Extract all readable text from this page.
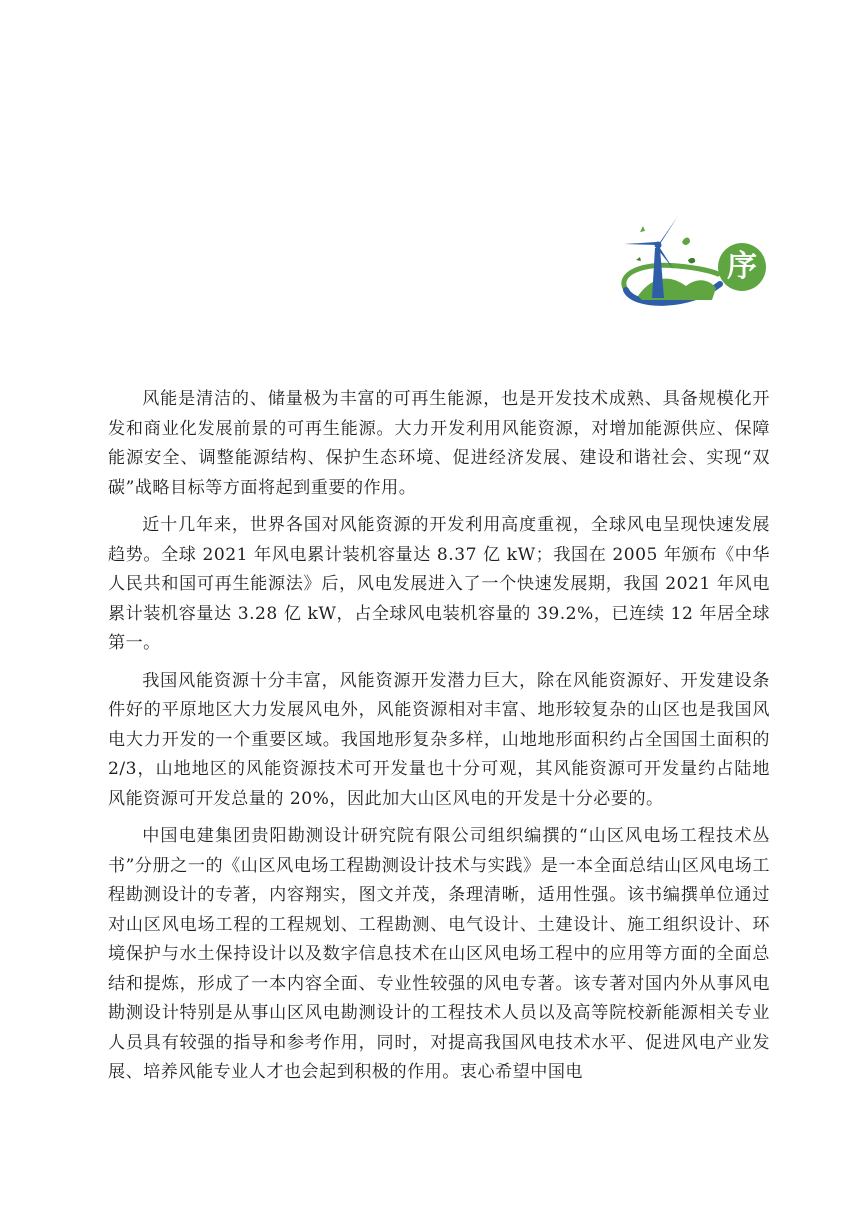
序

风能是清洁的、储量极为丰富的可再生能源，也是开发技术成熟、具备规模化开发和商业化发展前景的可再生能源。大力开发利用风能资源，对增加能源供应、保障能源安全、调整能源结构、保护生态环境、促进经济发展、建设和谐社会、实现“双碳”战略目标等方面将起到重要的作用。

近十几年来，世界各国对风能资源的开发利用高度重视，全球风电呈现快速发展趋势。全球 2021 年风电累计装机容量达 8.37 亿 kW；我国在 2005 年颁布《中华人民共和国可再生能源法》后，风电发展进入了一个快速发展期，我国 2021 年风电累计装机容量达 3.28 亿 kW，占全球风电装机容量的 39.2%，已连续 12 年居全球第一。

我国风能资源十分丰富，风能资源开发潜力巨大，除在风能资源好、开发建设条件好的平原地区大力发展风电外，风能资源相对丰富、地形较复杂的山区也是我国风电大力开发的一个重要区域。我国地形复杂多样，山地地形面积约占全国国土面积的 2/3，山地地区的风能资源技术可开发量也十分可观，其风能资源可开发量约占陆地风能资源可开发总量的 20%，因此加大山区风电的开发是十分必要的。

中国电建集团贵阳勘测设计研究院有限公司组织编撰的“山区风电场工程技术丛书”分册之一的《山区风电场工程勘测设计技术与实践》是一本全面总结山区风电场工程勘测设计的专著，内容翔实，图文并茂，条理清晰，适用性强。该书编撰单位通过对山区风电场工程的工程规划、工程勘测、电气设计、土建设计、施工组织设计、环境保护与水土保持设计以及数字信息技术在山区风电场工程中的应用等方面的全面总结和提炼，形成了一本内容全面、专业性较强的风电专著。该专著对国内外从事风电勘测设计特别是从事山区风电勘测设计的工程技术人员以及高等院校新能源相关专业人员具有较强的指导和参考作用，同时，对提高我国风电技术水平、促进风电产业发展、培养风能专业人才也会起到积极的作用。衷心希望中国电
